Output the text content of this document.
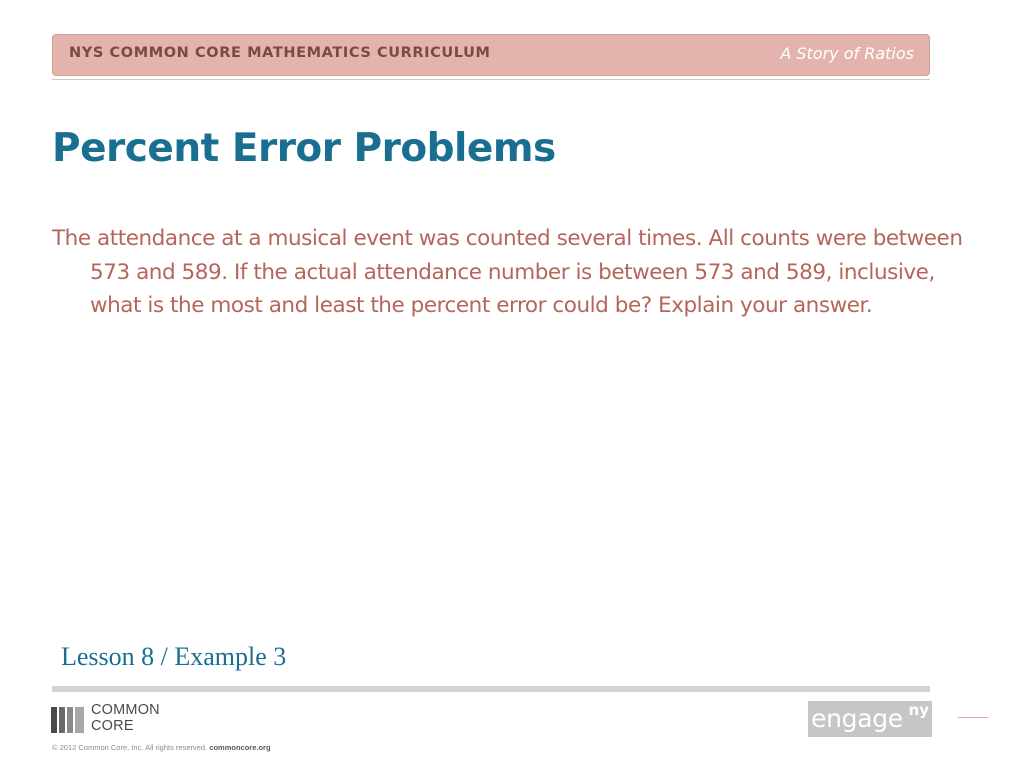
NYS COMMON CORE MATHEMATICS CURRICULUM	A Story of Ratios
Percent Error Problems

The attendance at a musical event was counted several times. All counts were between 573 and 589. If the actual attendance number is between 573 and 589, inclusive, what is the most and least the percent error could be? Explain your answer.

Lesson 8 / Example 3
COMMON
CORE
© 2012 Common Core, Inc. All rights reserved. commoncore.org
engage ny
